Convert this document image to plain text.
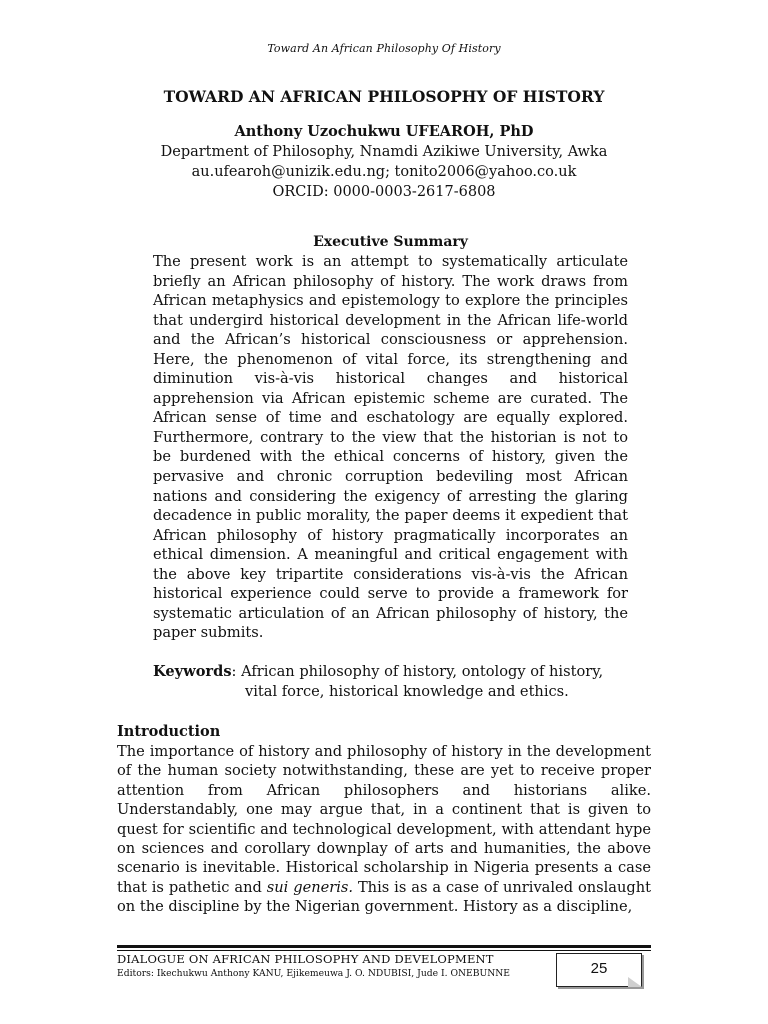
Toward An African Philosophy Of History
TOWARD AN AFRICAN PHILOSOPHY OF HISTORY
Anthony Uzochukwu UFEAROH, PhD
Department of Philosophy, Nnamdi Azikiwe University, Awka
au.ufearoh@unizik.edu.ng; tonito2006@yahoo.co.uk
ORCID: 0000-0003-2617-6808
Executive Summary
The present work is an attempt to systematically articulate briefly an African philosophy of history. The work draws from African metaphysics and epistemology to explore the principles that undergird historical development in the African life-world and the African’s historical consciousness or apprehension. Here, the phenomenon of vital force, its strengthening and diminution vis-à-vis historical changes and historical apprehension via African epistemic scheme are curated. The African sense of time and eschatology are equally explored. Furthermore, contrary to the view that the historian is not to be burdened with the ethical concerns of history, given the pervasive and chronic corruption bedeviling most African nations and considering the exigency of arresting the glaring decadence in public morality, the paper deems it expedient that African philosophy of history pragmatically incorporates an ethical dimension. A meaningful and critical engagement with the above key tripartite considerations vis-à-vis the African historical experience could serve to provide a framework for systematic articulation of an African philosophy of history, the paper submits.
Keywords: African philosophy of history, ontology of history,
vital force, historical knowledge and ethics.
Introduction
The importance of history and philosophy of history in the development of the human society notwithstanding, these are yet to receive proper attention from African philosophers and historians alike. Understandably, one may argue that, in a continent that is given to quest for scientific and technological development, with attendant hype on sciences and corollary downplay of arts and humanities, the above scenario is inevitable. Historical scholarship in Nigeria presents a case that is pathetic and sui generis. This is as a case of unrivaled onslaught on the discipline by the Nigerian government. History as a discipline,
DIALOGUE ON AFRICAN PHILOSOPHY AND DEVELOPMENT
Editors: Ikechukwu Anthony KANU, Ejikemeuwa J. O. NDUBISI, Jude I. ONEBUNNE	25
